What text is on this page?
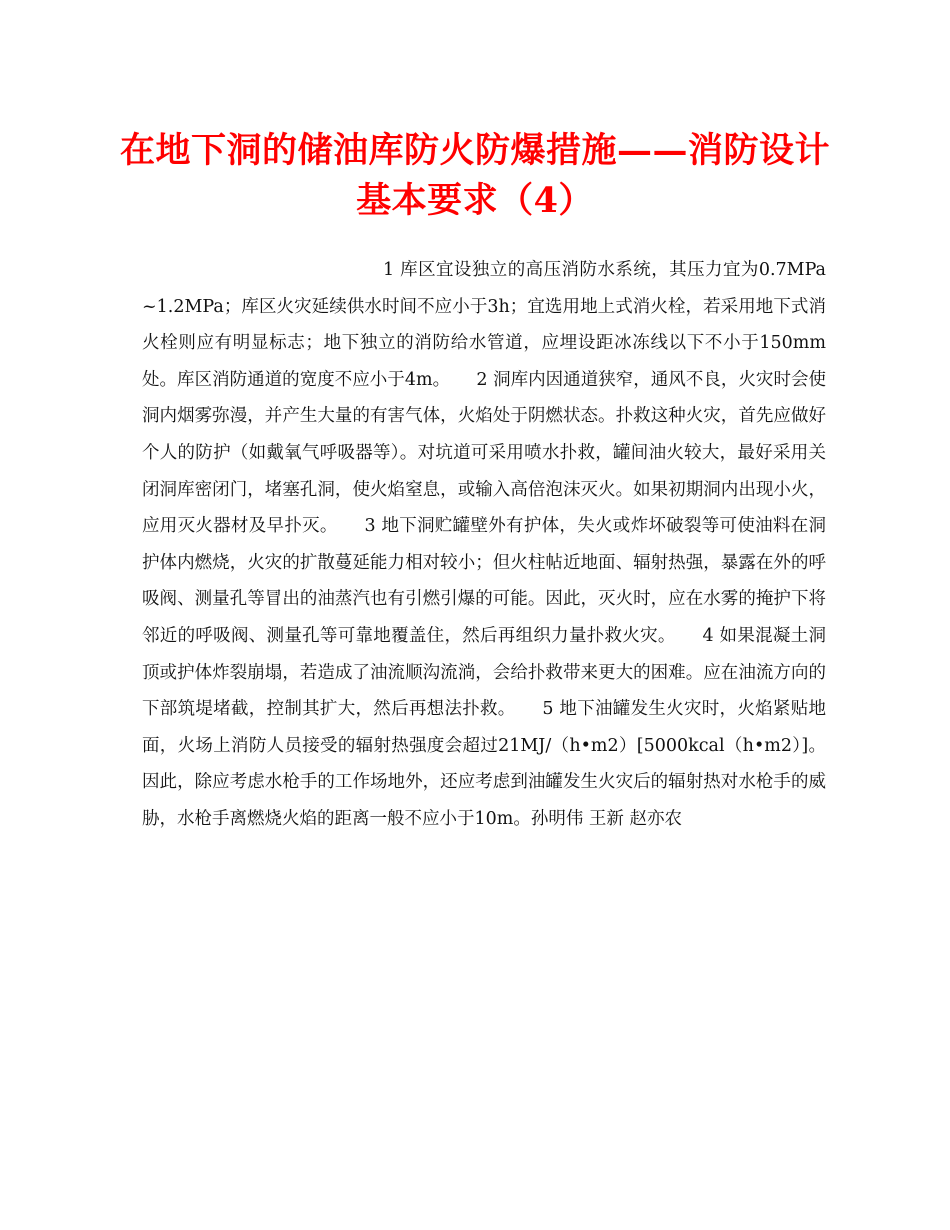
在地下洞的储油库防火防爆措施——消防设计基本要求（4）

1 库区宜设独立的高压消防水系统，其压力宜为0.7MPa~1.2MPa；库区火灾延续供水时间不应小于3h；宜选用地上式消火栓，若采用地下式消火栓则应有明显标志；地下独立的消防给水管道，应埋设距冰冻线以下不小于150mm处。库区消防通道的宽度不应小于4m。　　2 洞库内因通道狭窄，通风不良，火灾时会使洞内烟雾弥漫，并产生大量的有害气体，火焰处于阴燃状态。扑救这种火灾，首先应做好个人的防护（如戴氧气呼吸器等）。对坑道可采用喷水扑救，罐间油火较大，最好采用关闭洞库密闭门，堵塞孔洞，使火焰窒息，或输入高倍泡沫灭火。如果初期洞内出现小火，应用灭火器材及早扑灭。　　3 地下洞贮罐壁外有护体，失火或炸坏破裂等可使油料在洞护体内燃烧，火灾的扩散蔓延能力相对较小；但火柱帖近地面、辐射热强，暴露在外的呼吸阀、测量孔等冒出的油蒸汽也有引燃引爆的可能。因此，灭火时，应在水雾的掩护下将邻近的呼吸阀、测量孔等可靠地覆盖住，然后再组织力量扑救火灾。　　4 如果混凝土洞顶或护体炸裂崩塌，若造成了油流顺沟流淌，会给扑救带来更大的困难。应在油流方向的下部筑堤堵截，控制其扩大，然后再想法扑救。　　5 地下油罐发生火灾时，火焰紧贴地面，火场上消防人员接受的辐射热强度会超过21MJ/（h•m2）[5000kcal（h•m2）]。因此，除应考虑水枪手的工作场地外，还应考虑到油罐发生火灾后的辐射热对水枪手的威胁，水枪手离燃烧火焰的距离一般不应小于10m。孙明伟 王新 赵亦农
